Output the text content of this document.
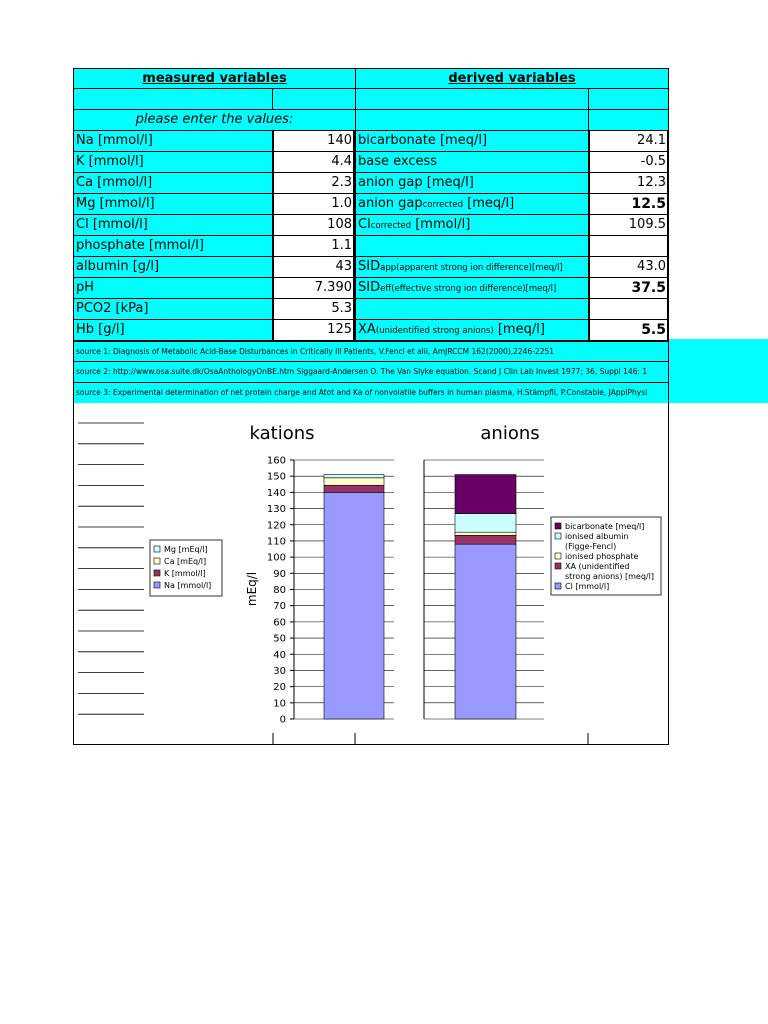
measured variables	derived variables
please enter the values:
Na [mmol/l]	140 bicarbonate [meq/l]	24.1
K [mmol/l]	4.4 base excess	-0.5
Ca [mmol/l]	2.3 anion gap [meq/l]	12.3
Mg [mmol/l]	1.0 anion gapcorrected [meq/l]	12.5
Cl [mmol/l]	108 Clcorrected [mmol/l]	109.5
phosphate [mmol/l]	1.1
albumin [g/l]	43 SIDapp(apparent strong ion difference)[meq/l]	43.0
pH	7.390 SIDeff(effective strong ion difference)[meq/l]	37.5
PCO2 [kPa]	5.3
Hb [g/l]	125 XA(unidentified strong anions) [meq/l]	5.5
source 1: Diagnosis of Metabolic Acid-Base Disturbances in Critically Ill Patients, V.Fencl et alii, AmJRCCM 162(2000),2246-2251
source 2: http://www.osa.suite.dk/OsaAnthologyOnBE.htm Siggaard-Andersen O. The Van Slyke equation. Scand J Clin Lab Invest 1977; 36, Suppl 146: 1
source 3: Experimental determination of net protein charge and Atot and Ka of nonvolatile buffers in human plasma, H.Stämpfli, P.Constable, JApplPhysi
0
10
20
30
40
50
60
70
80
90
100
110
120
130
140
150
160
mEq/l
kations	anions
Mg [mEq/l]
Ca [mEq/l]
K [mmol/l]
Na [mmol/l]
bicarbonate [meq/l]
ionised albumin
(Figge-Fencl)
ionised phosphate
XA (unidentified
strong anions) [meq/l]
Cl [mmol/l]
